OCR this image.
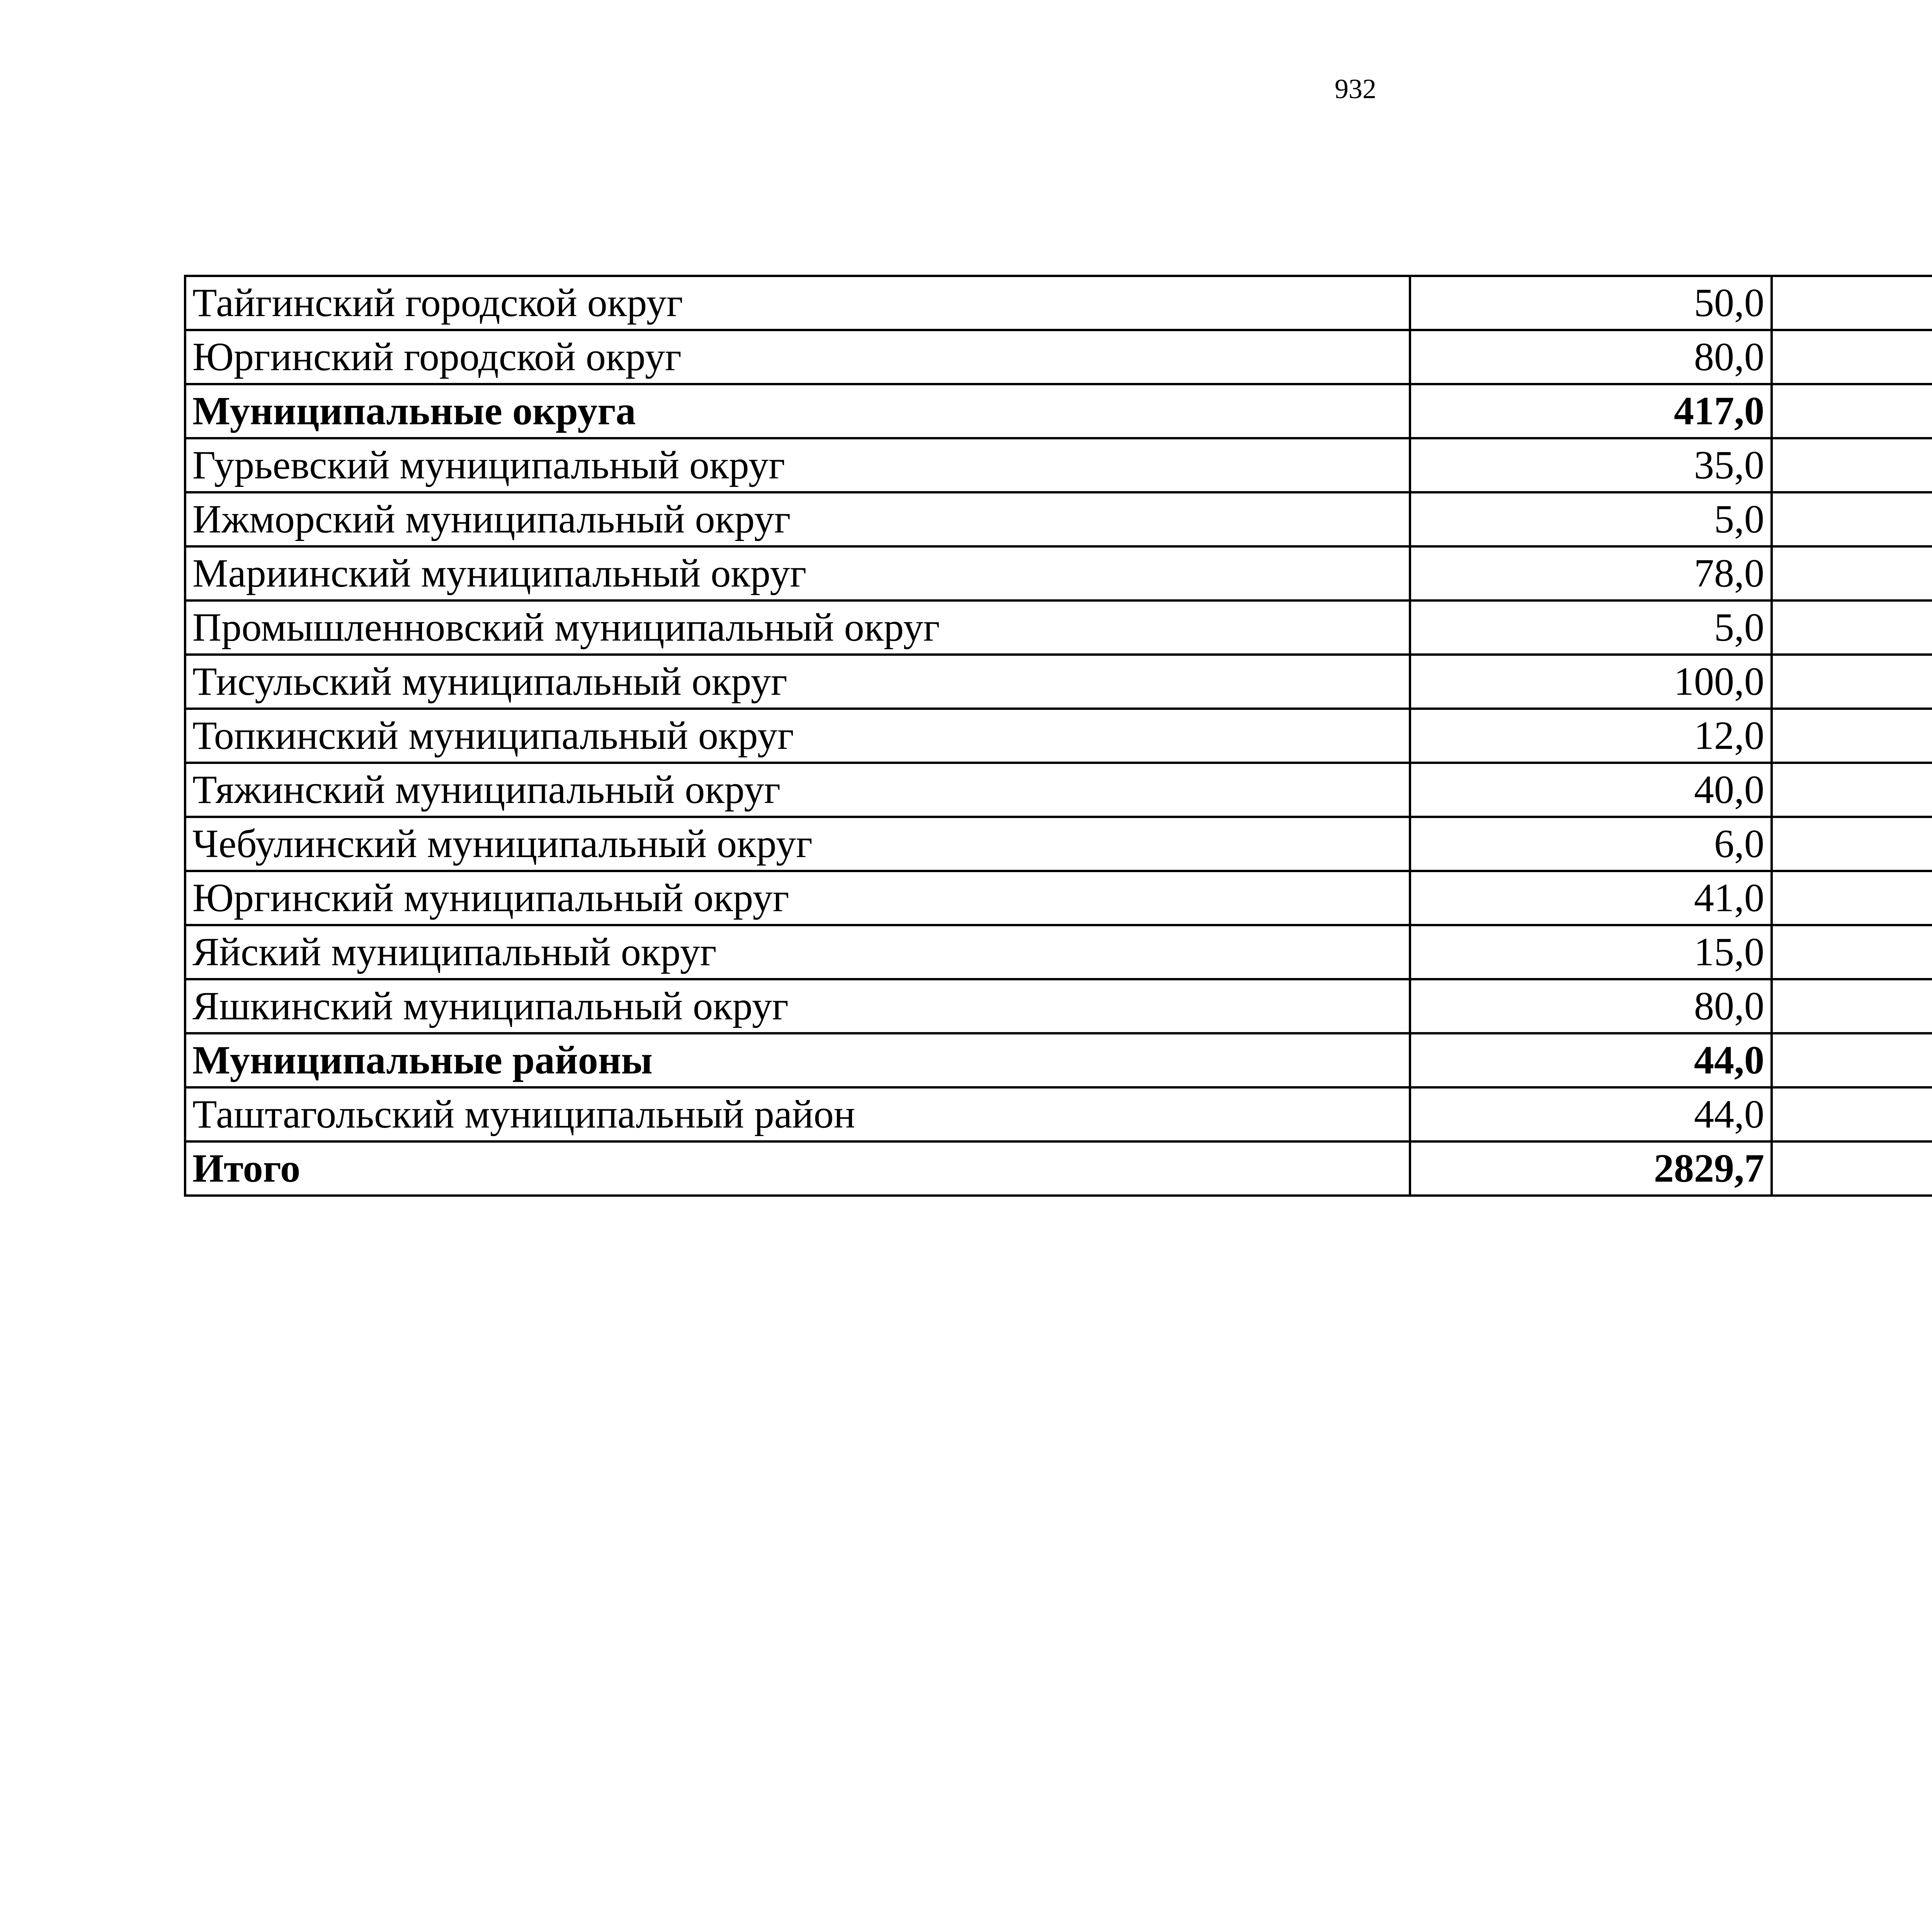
932
Тайгинский городской округ	50,0		
Юргинский городской округ	80,0		
Муниципальные округа	417,0		
Гурьевский муниципальный округ	35,0		
Ижморский муниципальный округ	5,0		
Мариинский муниципальный округ	78,0		
Промышленновский муниципальный округ	5,0		
Тисульский муниципальный округ	100,0		
Топкинский муниципальный округ	12,0		
Тяжинский муниципальный округ	40,0		
Чебулинский муниципальный округ	6,0		
Юргинский муниципальный округ	41,0		
Яйский муниципальный округ	15,0		
Яшкинский муниципальный округ	80,0		
Муниципальные районы	44,0		
Таштагольский муниципальный район	44,0		
Итого	2829,7		
